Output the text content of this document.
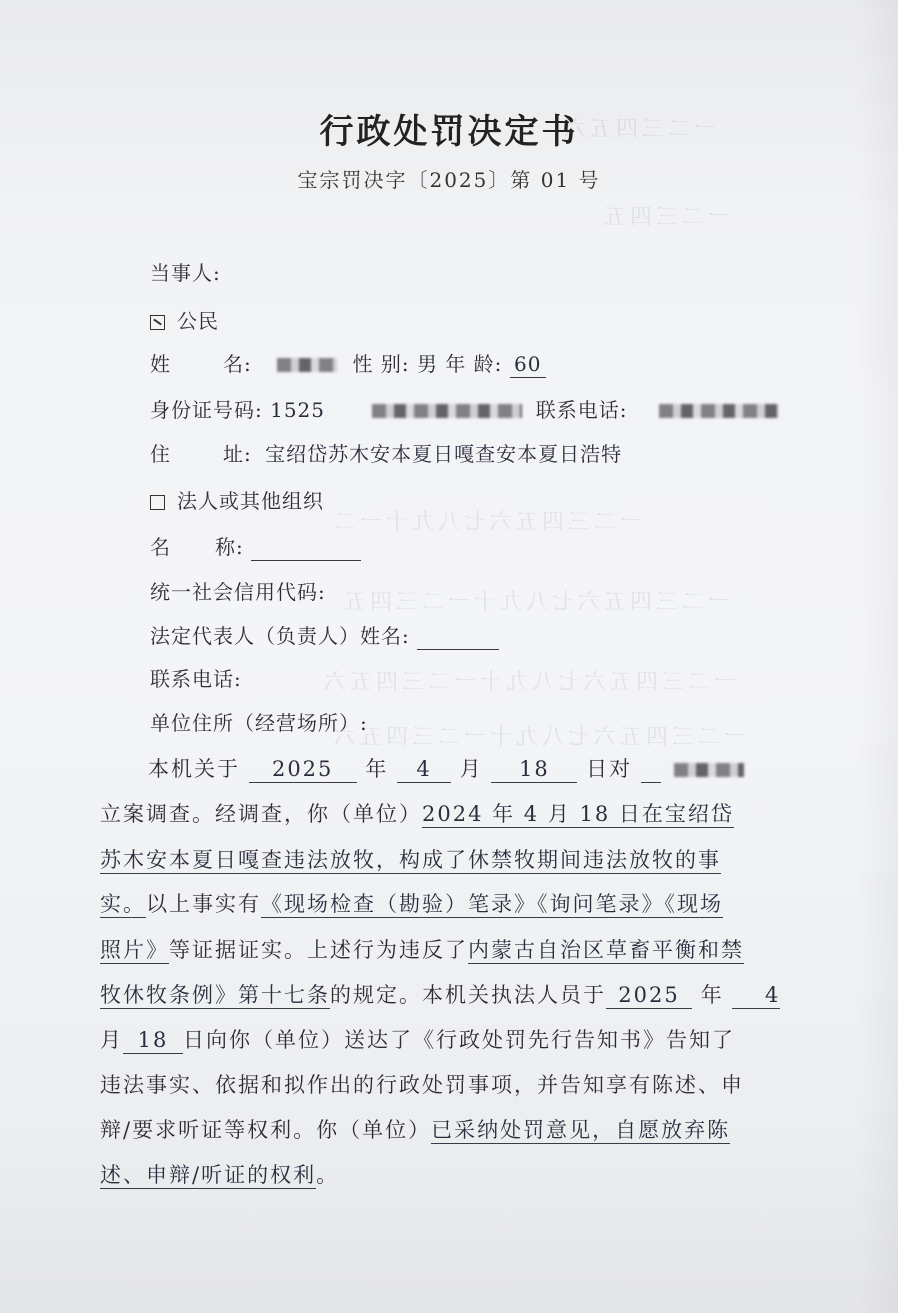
一二三四五六
一二三四五
一二三四五六七八九十一二
一二三四五六七八九十一二三四五
一二三四五六七八九十一二三四五六
一二三四五六七八九十一二三四五六
行政处罚决定书
宝宗罚决字〔2025〕第 01 号
当事人:
公民
姓	名:	性 别: 男 年 龄: 60
身份证号码: 1525	联系电话:
住	址: 宝绍岱苏木安本夏日嘎查安本夏日浩特
法人或其他组织
名 称:
统一社会信用代码:
法定代表人（负责人）姓名:
联系电话:
单位住所（经营场所）:
本机关于 2025 年 4 月 18 日对
立案调查。经调查，你（单位）2024 年 4 月 18 日在宝绍岱
苏木安本夏日嘎查违法放牧，构成了休禁牧期间违法放牧的事
实。以上事实有《现场检查（勘验）笔录》《询问笔录》《现场
照片》等证据证实。上述行为违反了内蒙古自治区草畜平衡和禁
牧休牧条例》第十七条的规定。本机关执法人员于 2025 年 4
月 18 日向你（单位）送达了《行政处罚先行告知书》告知了
违法事实、依据和拟作出的行政处罚事项，并告知享有陈述、申
辩/要求听证等权利。你（单位）已采纳处罚意见，自愿放弃陈
述、申辩/听证的权利。
